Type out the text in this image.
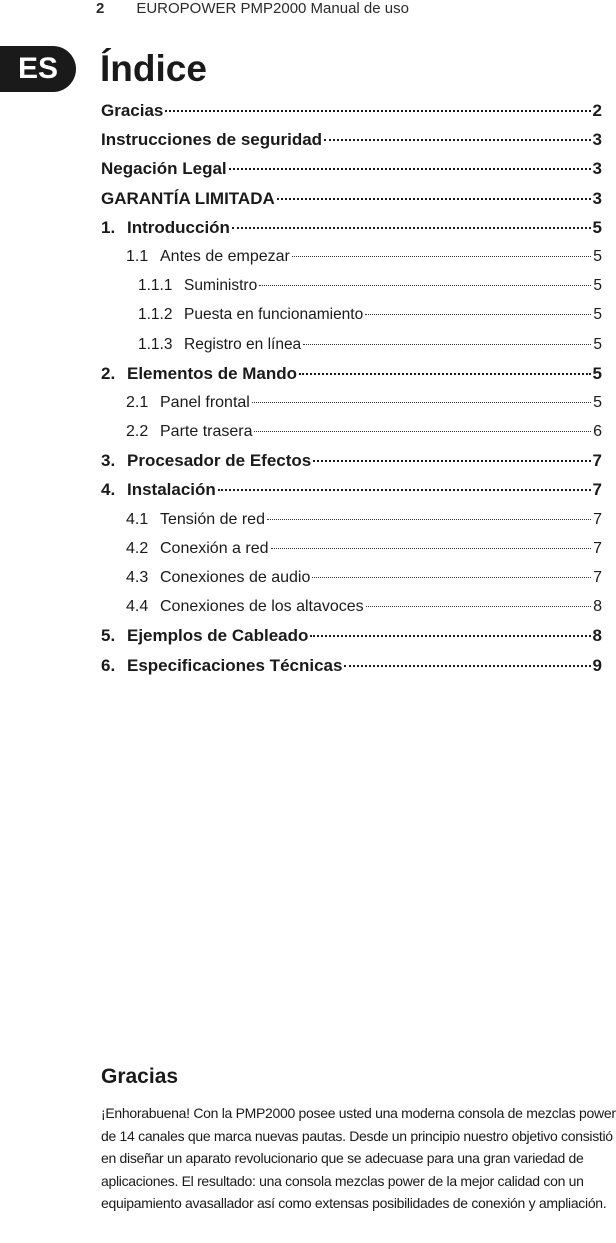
2 EUROPOWER PMP2000 Manual de uso
ES	Índice
Gracias	2
Instrucciones de seguridad	3
Negación Legal	3
GARANTÍA LIMITADA	3
1. Introducción	5
1.1 Antes de empezar	5
1.1.1 Suministro	5
1.1.2 Puesta en funcionamiento	5
1.1.3 Registro en línea	5
2. Elementos de Mando	5
2.1 Panel frontal	5
2.2 Parte trasera	6
3. Procesador de Efectos	7
4. Instalación	7
4.1 Tensión de red	7
4.2 Conexión a red	7
4.3 Conexiones de audio	7
4.4 Conexiones de los altavoces	8
5. Ejemplos de Cableado	8
6. Especificaciones Técnicas	9
Gracias

¡Enhorabuena! Con la PMP2000 posee usted una moderna consola de mezclas power de 14 canales que marca nuevas pautas. Desde un principio nuestro objetivo consistió en diseñar un aparato revolucionario que se adecuase para una gran variedad de aplicaciones. El resultado: una consola mezclas power de la mejor calidad con un equipamiento avasallador así como extensas posibilidades de conexión y ampliación.
